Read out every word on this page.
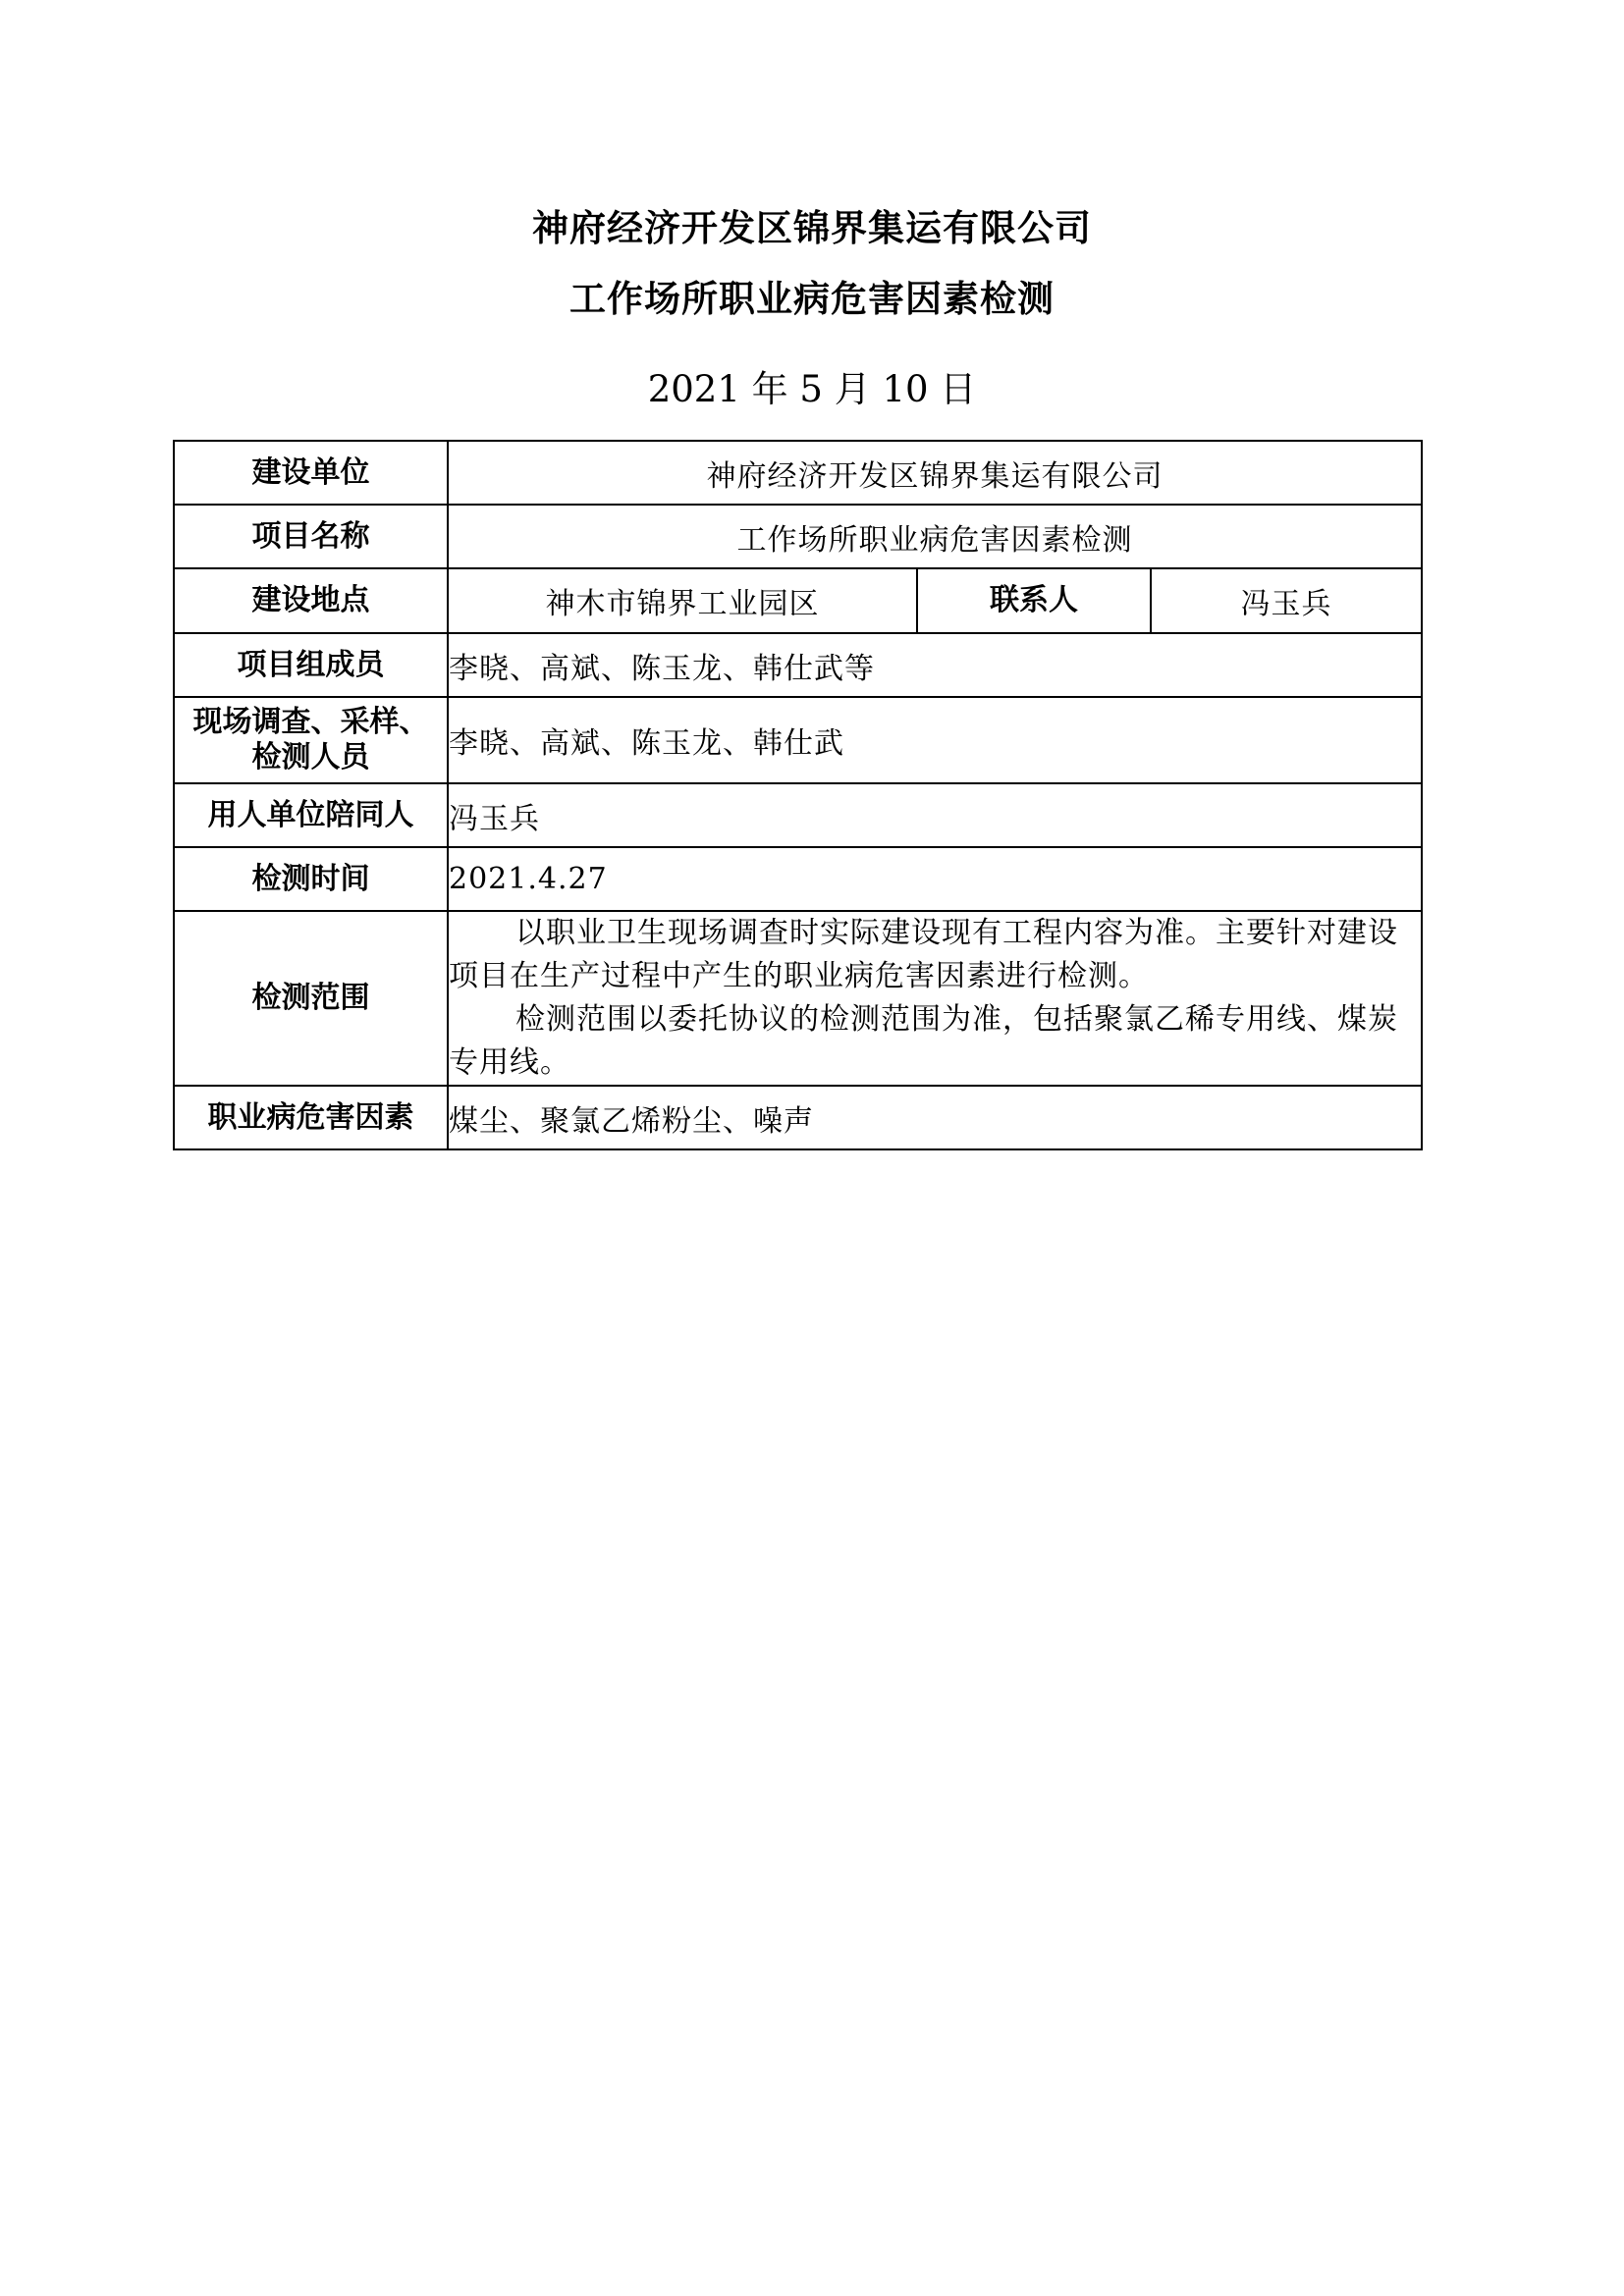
神府经济开发区锦界集运有限公司
工作场所职业病危害因素检测
2021 年 5 月 10 日
建设单位	神府经济开发区锦界集运有限公司		
项目名称	工作场所职业病危害因素检测		
建设地点	神木市锦界工业园区	联系人	冯玉兵
项目组成员	李晓、高斌、陈玉龙、韩仕武等		
现场调查、采样、
检测人员	李晓、高斌、陈玉龙、韩仕武		
用人单位陪同人	冯玉兵		
检测时间	2021.4.27		
检测范围	以职业卫生现场调查时实际建设现有工程内容为准。主要针对建设项目在生产过程中产生的职业病危害因素进行检测。
检测范围以委托协议的检测范围为准，包括聚氯乙稀专用线、煤炭专用线。		

职业病危害因素	煤尘、聚氯乙烯粉尘、噪声		
